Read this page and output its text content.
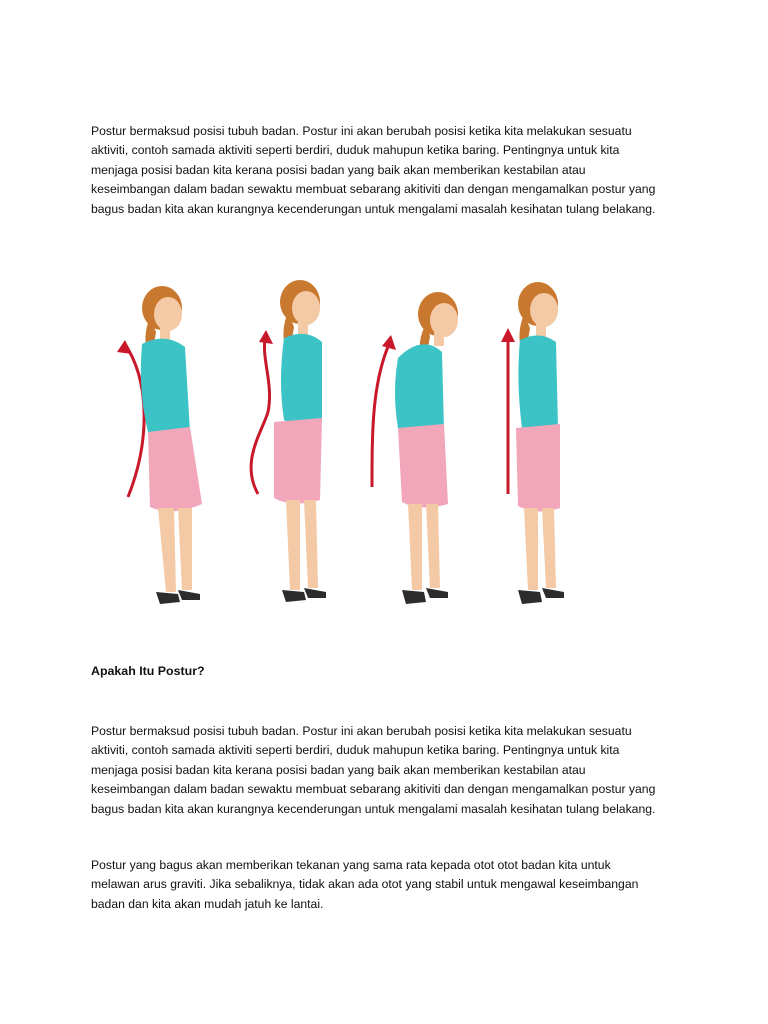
Postur bermaksud posisi tubuh badan. Postur ini akan berubah posisi ketika kita melakukan sesuatu
aktiviti, contoh samada aktiviti seperti berdiri, duduk mahupun ketika baring. Pentingnya untuk kita
menjaga posisi badan kita kerana posisi badan yang baik akan memberikan kestabilan atau
keseimbangan dalam badan sewaktu membuat sebarang akitiviti dan dengan mengamalkan postur yang
bagus badan kita akan kurangnya kecenderungan untuk mengalami masalah kesihatan tulang belakang.

Apakah Itu Postur?

Postur bermaksud posisi tubuh badan. Postur ini akan berubah posisi ketika kita melakukan sesuatu
aktiviti, contoh samada aktiviti seperti berdiri, duduk mahupun ketika baring. Pentingnya untuk kita
menjaga posisi badan kita kerana posisi badan yang baik akan memberikan kestabilan atau
keseimbangan dalam badan sewaktu membuat sebarang akitiviti dan dengan mengamalkan postur yang
bagus badan kita akan kurangnya kecenderungan untuk mengalami masalah kesihatan tulang belakang.

Postur yang bagus akan memberikan tekanan yang sama rata kepada otot otot badan kita untuk
melawan arus graviti. Jika sebaliknya, tidak akan ada otot yang stabil untuk mengawal keseimbangan
badan dan kita akan mudah jatuh ke lantai.
